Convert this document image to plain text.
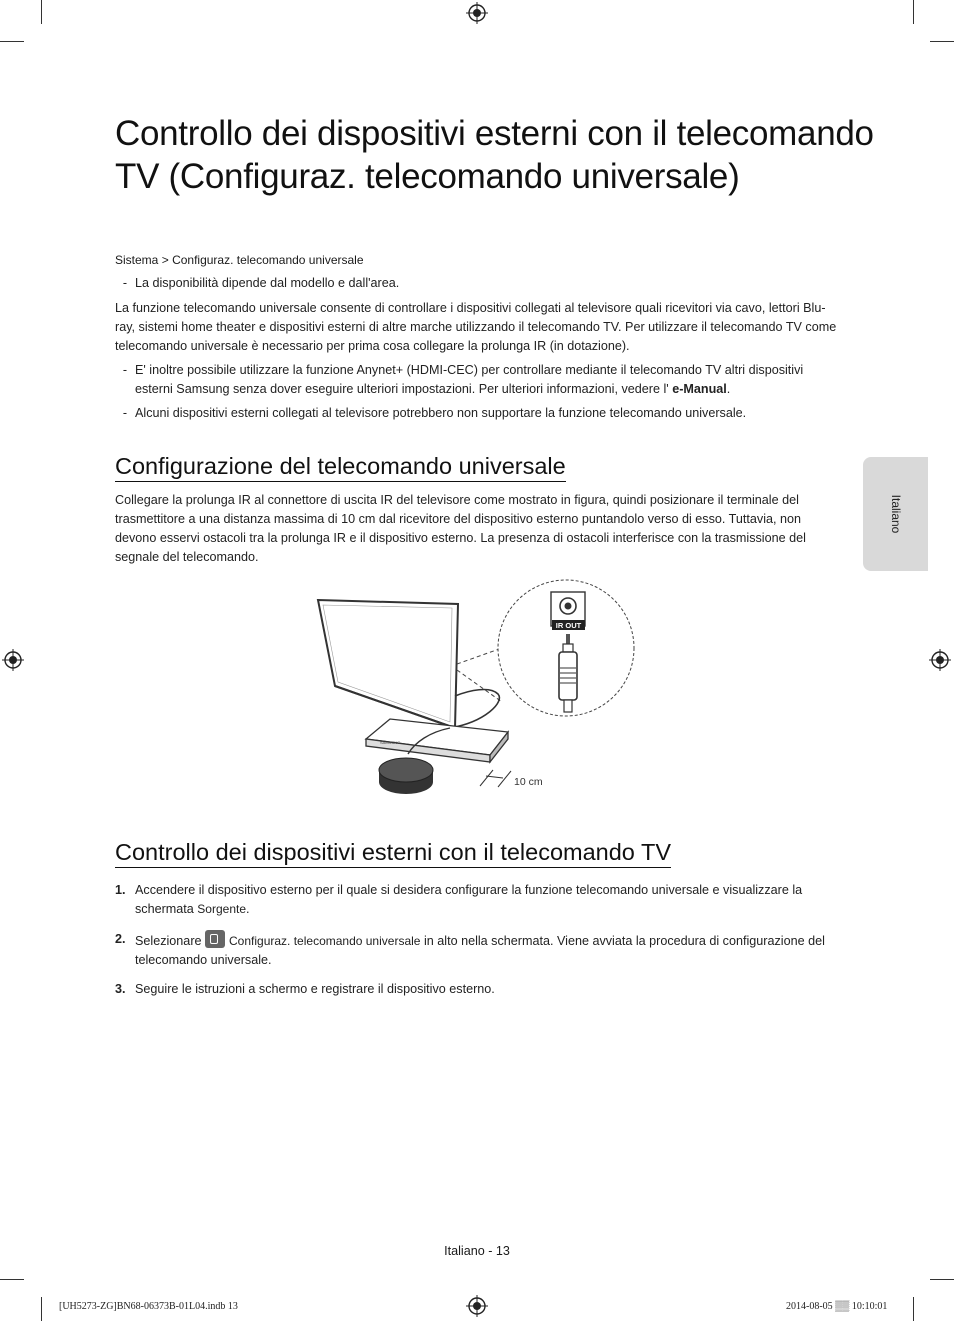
Controllo dei dispositivi esterni con il telecomando TV (Configuraz. telecomando universale)
Sistema > Configuraz. telecomando universale

- La disponibilità dipende dal modello e dall'area.

La funzione telecomando universale consente di controllare i dispositivi collegati al televisore quali ricevitori via cavo, lettori Blu-ray, sistemi home theater e dispositivi esterni di altre marche utilizzando il telecomando TV. Per utilizzare il telecomando TV come telecomando universale è necessario per prima cosa collegare la prolunga IR (in dotazione).

- E' inoltre possibile utilizzare la funzione Anynet+ (HDMI-CEC) per controllare mediante il telecomando TV altri dispositivi esterni Samsung senza dover eseguire ulteriori impostazioni. Per ulteriori informazioni, vedere l' e-Manual.

- Alcuni dispositivi esterni collegati al televisore potrebbero non supportare la funzione telecomando universale.

Configurazione del telecomando universale

Collegare la prolunga IR al connettore di uscita IR del televisore come mostrato in figura, quindi posizionare il terminale del trasmettitore a una distanza massima di 10 cm dal ricevitore del dispositivo esterno puntandolo verso di esso. Tuttavia, non devono esservi ostacoli tra la prolunga IR e il dispositivo esterno. La presenza di ostacoli interferisce con la trasmissione del segnale del telecomando.

IR OUT
SAMSUNG
10 cm
Controllo dei dispositivi esterni con il telecomando TV
1. Accendere il dispositivo esterno per il quale si desidera configurare la funzione telecomando universale e visualizzare la schermata Sorgente.
2. Selezionare
Configuraz. telecomando universale in alto nella schermata. Viene avviata la procedura di configurazione del telecomando universale.
3. Seguire le istruzioni a schermo e registrare il dispositivo esterno.
Italiano
Italiano - 13
[UH5273-ZG]BN68-06373B-01L04.indb 13	2014-08-05 ▒▒ 10:10:01
